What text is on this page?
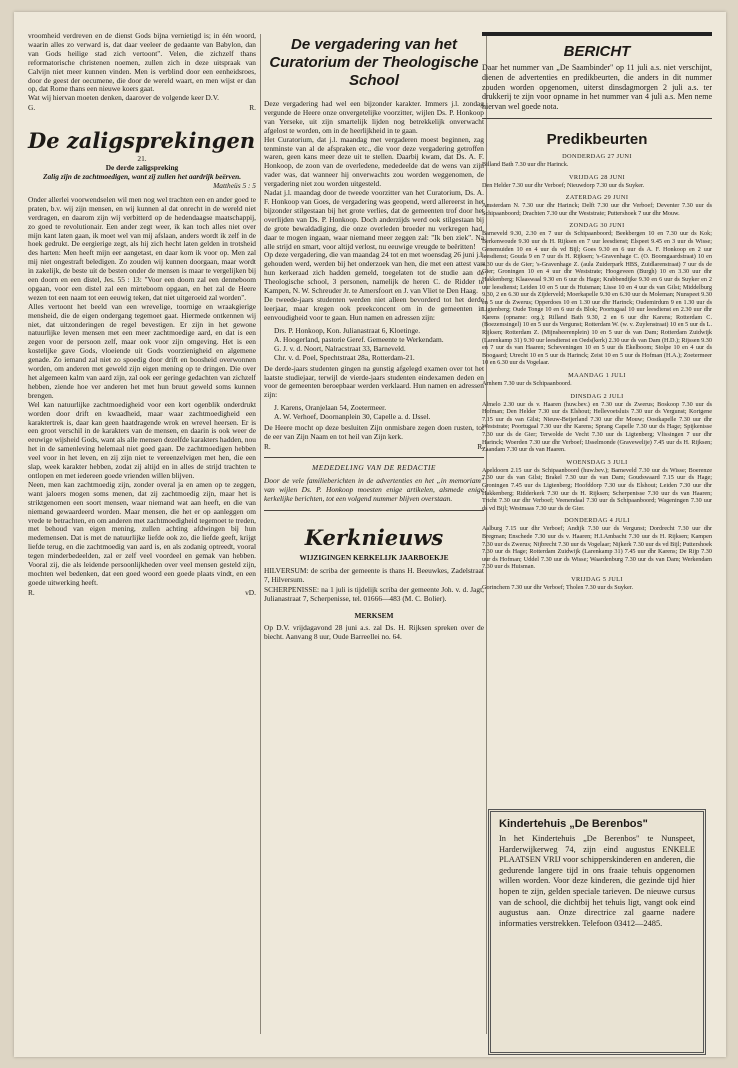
vroomheid verdreven en de dienst Gods bijna vernietigd is; in één woord, waarin alles zo verward is, dat daar veeleer de gedaante van Babylon, dan van Gods heilige stad zich vertoont". Velen, die zichzelf thans reformatorische christenen noemen, zullen zich in deze uitspraak van Calvijn niet meer kunnen vinden. Men is verblind door een eenheidsroes, door de geest der oecumene, die door de wereld waart, en men wijst er dan op, dat Rome thans een nieuwe koers gaat.

Wat wij hiervan moeten denken, daarover de volgende keer D.V.

G.	R.
De zaligsprekingen
21.
De derde zaligspreking
Zalig zijn de zachtmoedigen, want zij zullen het aardrijk beërven.
Mattheüs 5 : 5

Onder allerlei voorwendselen wil men nog wel trachten een en ander goed te praten, b.v. wij zijn mensen, en wij kunnen al dat onrecht in de wereld niet verdragen, en daarom zijn wij verbitterd op de hedendaagse maatschappij, zo goed te revolutionair. Een ander zegt weer, ik kan toch alles niet over mijn kant laten gaan, ik moet wel van mij afslaan, anders wordt ik zelf in de hoek gedrukt. De eergierige zegt, als hij zich hecht laten gelden in trotsheid des harten: Men heeft mijn eer aangetast, en daar kom ik voor op. Men zal mij niet ongestraft beledigen. Zo zouden wij kunnen doorgaan, maar wordt in zakelijk, de beste uit de besten onder de mensen is maar te vergelijken bij een doorn en een distel, Jes. 55 : 13: "Voor een doorn zal een denneboom opgaan, voor een distel zal een mirteboom opgaan, en het zal de Heere wezen tot een naam tot een eeuwig teken, dat niet uitgeroeid zal worden".

Alles vertoont het beeld van een wrevelige, toornige en wraakgierige mensheid, die de eigen ondergang tegemoet gaat. Hiermede ontkennen wij niet, dat uitzonderingen de regel bevestigen. Er zijn in het gewone natuurlijke leven mensen met een meer zachtmoedige aard, en dat is een zegen voor de persoon zelf, maar ook voor zijn omgeving. Het is een kostelijke gave Gods, vloeiende uit Gods voorzienigheid en algemene genade. Zo iemand zal niet zo spoedig door drift en boosheid overwonnen worden, om anderen met geweld zijn eigen mening op te dringen. Die over het algemeen kalm van aard zijn, zal ook eer geringe gedachten van zichzelf hebben, ziende hoe ver anderen het met hun bruut geweld soms kunnen brengen.

Wel kan natuurlijke zachtmoedigheid voor een kort ogenblik onderdrukt worden door drift en kwaadheid, maar waar zachtmoedigheid een karaktertrek is, daar kan geen haatdragende wrok en wrevel heersen. Er is een groot verschil in de karakters van de mensen, en daarin is ook weer de eeuwige wijsheid Gods, want als alle mensen dezelfde karakters hadden, nou het in de samenleving helemaal niet goed gaan. De zachtmoedigen hebben veel voor in het leven, en zij zijn niet te vereenzelvigen met hen, die een slap, week karakter hebben, zodat zij altijd en in alles de strijd trachten te ontlopen en met iedereen goede vrienden willen blijven.

Neen, men kan zachtmoedig zijn, zonder overal ja en amen op te zeggen, want jaloers mogen soms menen, dat zij zachtmoedig zijn, maar het is striktgenomen een soort mensen, waar niemand wat aan heeft, en die van niemand gewaardeerd worden. Maar mensen, die het er op aanleggen om vrede te betrachten, en om anderen met zachtmoedigheid tegemoet te treden, met behoud van eigen mening, zullen achting afdwingen bij hun medemensen. Dat is met de natuurlijke liefde ook zo, die liefde geeft, krijgt liefde terug, en die zachtmoedig van aard is, en als zodanig optreedt, vooral tegen minderbedeelden, zal er zelf veel voordeel en gemak van hebben. Vooral zij, die als leidende persoonlijkheden over veel mensen gesteld zijn, mochten wel bedenken, dat een goed woord een goede plaats vindt, en een goede uitwerking heeft.

R.	vD.
De vergadering van het Curatorium der Theologische School

Deze vergadering had wel een bijzonder karakter. Immers j.l. zondag vergunde de Heere onze onvergetelijke voorzitter, wijlen Ds. P. Honkoop van Yerseke, uit zijn smartelijk lijden nog betrekkelijk onverwacht afgelost te worden, om in de heerlijkheid in te gaan.

Het Curatorium, dat j.l. maandag met vergaderen moest beginnen, zag tenminste van al de afspraken etc., die voor deze vergadering getroffen waren, geen kans meer deze uit te stellen. Daarbij kwam, dat Ds. A. F. Honkoop, de zoon van de overledene, mededeelde dat de wens van zijn vader was, dat wanneer hij onverwachts zou worden weggenomen, de vergadering niet zou worden uitgesteld.

Nadat j.l. maandag door de tweede voorzitter van het Curatorium, Ds. A. F. Honkoop van Goes, de vergadering was geopend, werd allereerst in het bijzonder stilgestaan bij het grote verlies, dat de gemeenten trof door het overlijden van Ds. P. Honkoop. Doch anderzijds werd ook stilgestaan bij de grote bewaldadiging, die onze overleden broeder nu verkregen had, daar te mogen ingaan, waar niemand meer zeggen zal: "Ik ben ziek". Na alle strijd en smart, voor altijd verlost, nu eeuwige vreugde te beëritten!

Op deze vergadering, die van maandag 24 tot en met woensdag 26 juni j.l. gehouden werd, werden bij het onderzoek van hen, die met een attest van hun kerkeraad zich hadden gemeld, toegelaten tot de studie aan de Theologische school, 3 personen, namelijk de heren C. de Ridder te Kampen, N. W. Schreuder Jr. te Amersfoort en J. van Vliet te Den Haag.

De tweede-jaars studenten werden niet alleen bevorderd tot het derde leerjaar, maar kregen ook preekconcent om in de gemeenten in eenvoudigheid voor te gaan. Hun namen en adressen zijn:

Drs. P. Honkoop, Kon. Julianastraat 6, Kloetinge.
A. Hoogerland, pastorie Geref. Gemeente te Werkendam.
G. J. v. d. Noort, Nalracstraat 33, Barneveld.
Chr. v. d. Poel, Spechtstraat 28a, Rotterdam-21.

De derde-jaars studenten gingen na gunstig afgelegd examen over tot het laatste studiejaar, terwijl de vierde-jaars studenten eindexamen deden en voor de gemeenten beroepbaar werden verklaard. Hun namen en adressen zijn:

J. Karens, Oranjelaan 54, Zoetermeer.
A. W. Verhoef, Doornanplein 30, Capelle a. d. IJssel.

De Heere mocht op deze besluiten Zijn onmisbare zegen doen rusten, tot de eer van Zijn Naam en tot heil van Zijn kerk.

R.	R.
MEDEDELING VAN DE REDACTIE

Door de vele familieberichten in de advertenties en het „in memoriam" van wijlen Ds. P. Honkoop moesten enige artikelen, alsmede enige kerkelijke berichten, tot een volgend nummer blijven overstaan.

Kerknieuws
WIJZIGINGEN KERKELIJK JAARBOEKJE

HILVERSUM: de scriba der gemeente is thans H. Beeuwkes, Zadelstraat 7, Hilversum.

SCHERPENISSE: na 1 juli is tijdelijk scriba der gemeente Joh. v. d. Jagt, Julianastraat 7, Scherpenisse, tel. 01666—483 (M. C. Bolier).

MERKSEM

Op D.V. vrijdagavond 28 juni a.s. zal Ds. H. Rijksen spreken over de biecht. Aanvang 8 uur, Oude Barreellei no. 64.

BERICHT

Daar het nummer van „De Saambinder" op 11 juli a.s. niet verschijnt, dienen de advertenties en predikbeurten, die anders in dit nummer zouden worden opgenomen, uiterst dinsdagmorgen 2 juli a.s. ter drukkerij te zijn voor opname in het nummer van 4 juli a.s. Men neme hiervan wel goede nota.

Predikbeurten
DONDERDAG 27 JUNI

Billand Bath 7.30 uur dhr Harinck.

VRIJDAG 28 JUNI

Den Helder 7.30 uur dhr Verboef; Nieuwdorp 7.30 uur ds Suyker.

ZATERDAG 29 JUNI

Amsterdam N. 7.30 uur dhr Harinck; Delft 7.30 uur dhr Verboef; Deventer 7.30 uur ds Schipaanboord; Drachten 7.30 uur dhr Weststrate; Puttershoek 7 uur dhr Mouw.

ZONDAG 30 JUNI

Barneveld 9.30, 2.30 en 7 uur ds Schipaanboord; Beekbergen 10 en 7.30 uur ds Kok; Berkenwoude 9.30 uur ds H. Rijksen en 7 uur leesdienst; Elspeet 9.45 en 3 uur ds Wisse; Genemuiden 10 en 4 uur ds vd Bijl; Goes 9.30 en 6 uur ds A. F. Honkoop en 2 uur leesdienst; Gouda 9 en 7 uur ds H. Rijksen; 's-Gravenhage C. (O. Boomgaardstraat) 10 en 4.30 uur ds de Gier; 's-Gravenhage Z. (aula Zuiderpark HBS, Zuidlarenstraat) 7 uur ds de Gier; Groningen 10 en 4 uur dhr Weststrate; Hoogeveen (Burgh) 10 en 3.30 uur dhr Hakkenberg; Klaaswaal 9.30 en 6 uur ds Hage; Krabbendijke 9.30 en 6 uur ds Suyker en 2 uur leesdienst; Leiden 10 en 5 uur ds Huisman; Lisse 10 en 4 uur ds van Gilst; Middelburg 9.30, 2 en 6.30 uur ds Zijderveld; Moerkapelle 9.30 en 6.30 uur ds Moleman; Nunspeet 9.30 en 5 uur ds Zwerus; Opperdoes 10 en 1.30 uur dhr Harinck; Oudemirdum 9 en 1.30 uur ds Ligtenberg; Oude Tonge 10 en 6 uur ds Blok; Poortugaal 10 uur leesdienst en 2.30 uur dhr Karens (opname: org.); Rilland Bath 9.30, 2 en 6 uur dhr Karens; Rotterdam C. (Boezemsingel) 10 en 5 uur ds Vergunst; Rotterdam W. (w. v. Zuylenstraat) 10 en 5 uur ds L. Rijksen; Rotterdam Z. (Mijnsheerenplein) 10 en 5 uur ds van Dam; Rotterdam Zuidwijk (Larenkamp 31) 9.30 uur leesdienst en Oeds(kerk) 2.30 uur ds van Dam (H.D.); Rijssen 9.30 en 7 uur ds van Haaren; Scheveningen 10 en 5 uur ds Ekelboom; Stolpe 10 en 4 uur ds Boogaard; Utrecht 10 en 5 uur ds Harinck; Zeist 10 en 5 uur ds Hofman (H.A.); Zoetermeer 10 en 6.30 uur ds Vogelaar.

MAANDAG 1 JULI

Arnhem 7.30 uur ds Schipaanboord.

DINSDAG 2 JULI

Almelo 2.30 uur ds v. Haaren (huw.bev.) en 7.30 uur ds Zwerus; Boskoop 7.30 uur ds Hofman; Den Helder 7.30 uur ds Elshout; Hellevoetsluis 7.30 uur ds Vergunst; Kortgene 7.15 uur ds van Gilst; Nieuw-Beijerland 7.30 uur dhr Mouw; Oostkapelle 7.30 uur dhr Weststrate; Poortugaal 7.30 uur dhr Karens; Sprang Capelle 7.30 uur ds Hage; Spijkenisse 7.30 uur ds de Gier; Terwolde de Vecht 7.30 uur ds Ligtenberg; Vlissingen 7 uur dhr Harinck; Woerden 7.30 uur dhr Verboef; IJsselmonde (Gravewelije) 7.45 uur ds H. Rijksen; Zaandam 7.30 uur ds van Haaren.

WOENSDAG 3 JULI

Apeldoorn 2.15 uur ds Schipaanboord (huw.bev.); Barneveld 7.30 uur ds Wisse; Boerenze 7.30 uur ds van Gilst; Brakel 7.30 uur ds van Dam; Goudswaard 7.15 uur ds Hage; Groningen 7.45 uur ds Ligtenberg; Hoofddorp 7.30 uur ds Elshout; Leiden 7.30 uur dhr Hakkenberg; Ridderkerk 7.30 uur ds H. Rijksen; Scherpenisse 7.30 uur ds van Haaren; Tricht 7.30 uur dhr Verboef; Veenendaal 7.30 uur ds Schipaanboord; Wageningen 7.30 uur ds vd Bijl; Westmaas 7.30 uur ds de Gier.

DONDERDAG 4 JULI

Aalburg 7.15 uur dhr Verboef; Andijk 7.30 uur ds Vergunst; Dordrecht 7.30 uur dhr Bregman; Enschede 7.30 uur ds v. Haaren; H.I.Ambacht 7.30 uur ds H. Rijksen; Kampen 7.30 uur ds Zwerus; Nijbrecht 7.30 uur ds Vogelaar; Nijkerk 7.30 uur ds vd Bijl; Puttershoek 7.30 uur ds Hage; Rotterdam Zuidwijk (Larenkamp 31) 7.45 uur dhr Karens; De Rijp 7.30 uur ds Hofman; Uddel 7.30 uur ds Wisse; Waardenburg 7.30 uur ds van Dam; Werkendam 7.30 uur ds Huisman.

VRIJDAG 5 JULI

Gorinchem 7.30 uur dhr Verboef; Tholen 7.30 uur ds Suyker.

Kindertehuis „De Berenbos"

In het Kindertehuis „De Berenbos" te Nunspeet, Harderwijkerweg 74, zijn eind augustus ENKELE PLAATSEN VRIJ voor schipperskinderen en anderen, die gedurende langere tijd in ons fraaie tehuis opgenomen willen worden. Voor deze kinderen, die gezinde tijd hier hopen te zijn, gelden speciale tarieven. De nieuwe cursus van de school, die dichtbij het tehuis ligt, vangt ook eind augustus aan. Onze directrice zal gaarne nadere informaties verstrekken. Telefoon 03412—2485.
